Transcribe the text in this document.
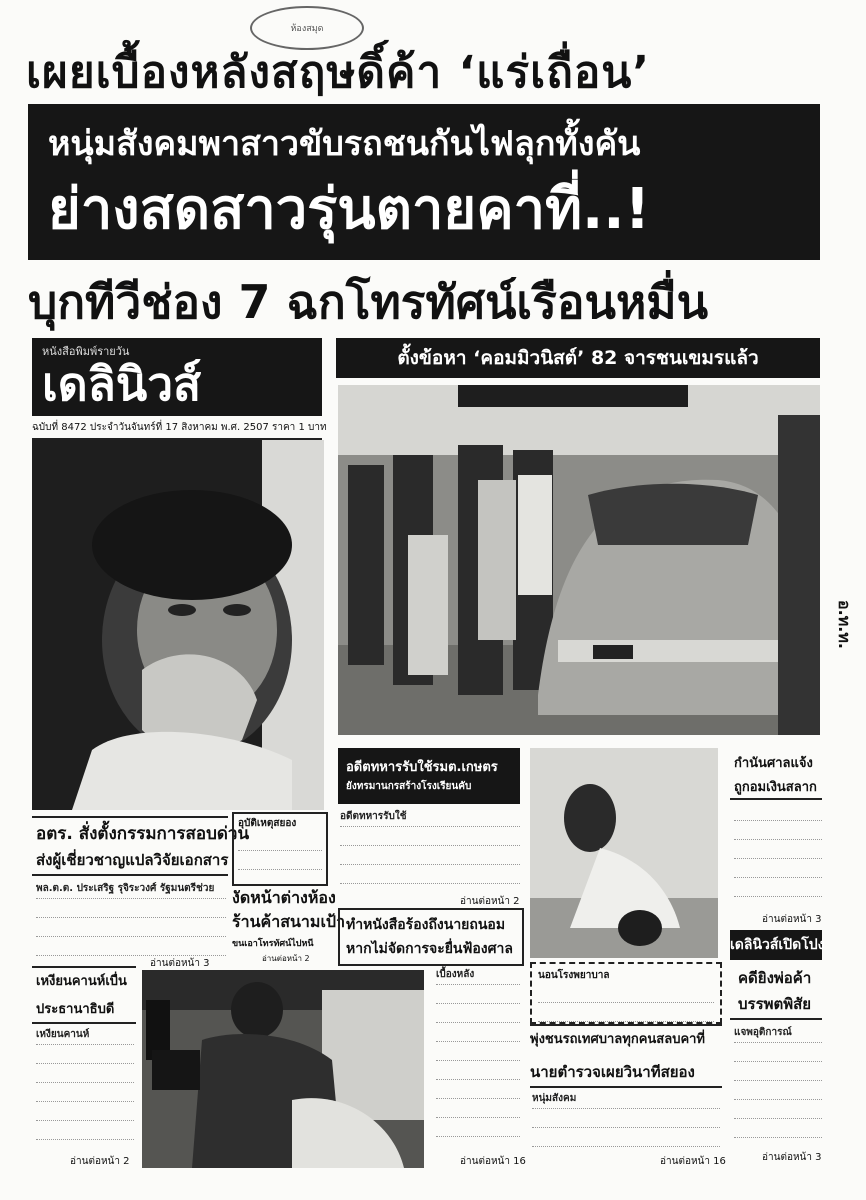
ห้องสมุด
เผยเบื้องหลังสฤษดิ์ค้า ‘แร่เถื่อน’
หนุ่มสังคมพาสาวขับรถชนกันไฟลุกทั้งคัน
ย่างสดสาวรุ่นตายคาที่..!
บุกทีวีช่อง 7 ฉกโทรทัศน์เรือนหมื่น
หนังสือพิมพ์รายวัน
เดลินิวส์
ฉบับที่ 8472 ประจำวันจันทร์ที่ 17 สิงหาคม พ.ศ. 2507 ราคา 1 บาท
ตั้งข้อหา ‘คอมมิวนิสต์’ 82 จารชนเขมรแล้ว
อ.ท.ท.
อตร. สั่งตั้งกรรมการสอบด่วน
ส่งผู้เชี่ยวชาญแปลวิจัยเอกสาร
พล.ต.ต. ประเสริฐ รุจิระวงศ์ รัฐมนตรีช่วย
อ่านต่อหน้า 3
อุบัติเหตุสยอง
งัดหน้าต่างห้อง
ร้านค้าสนามเป้า
ขนเอาโทรทัศน์ไปหนี
อ่านต่อหน้า 2
อดีตทหารรับใช้รมต.เกษตร
ยังทรมานกรสร้างโรงเรียนคับ
อดีตทหารรับใช้
อ่านต่อหน้า 2
ทำหนังสือร้องถึงนายถนอม
หากไม่จัดการจะยื่นฟ้องศาล
นอนโรงพยาบาล
กำนันศาลแจ้ง
ถูกอมเงินสลาก
อ่านต่อหน้า 3
เดลินิวส์เปิดโปง
คดียิงพ่อค้า
บรรพตพิสัย
แจพอุติการณ์
อ่านต่อหน้า 3
เหงียนคานห์เบื่น
ประธานาธิบดี
เหงียนคานห์
อ่านต่อหน้า 2
เบื้องหลัง
อ่านต่อหน้า 16
พุ่งชนรถเทศบาลทุกคนสลบคาที่
นายตำรวจเผยวินาทีสยอง
หนุ่มสังคม
อ่านต่อหน้า 16
